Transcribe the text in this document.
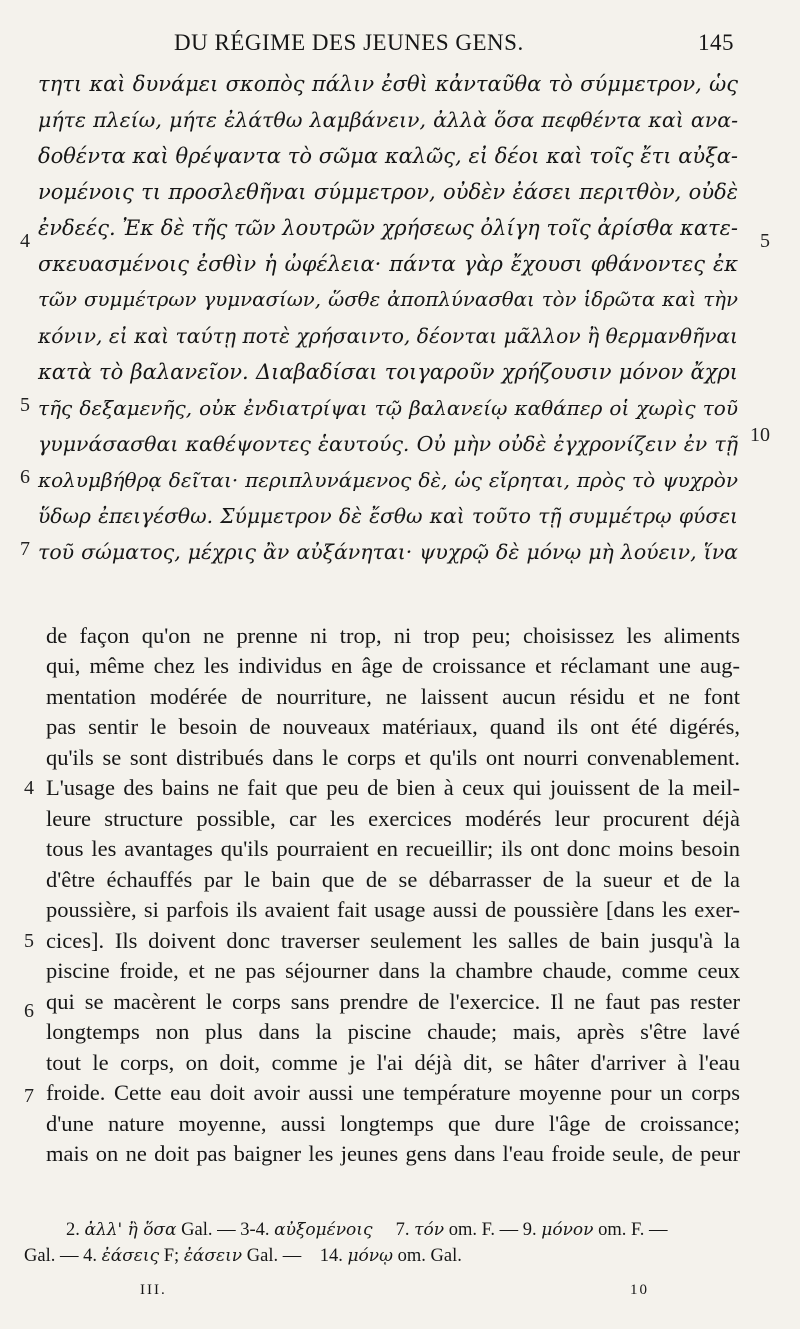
DU RÉGIME DES JEUNES GENS.	145
τητι καὶ δυνάμει σκοπὸς πάλιν ἐσθὶ κἀνταῦθα τὸ σύμμετρον, ὡς
μήτε πλείω, μήτε ἐλάτθω λαμβάνειν, ἀλλὰ ὅσα πεφθέντα καὶ ανα-
δοθέντα καὶ θρέψαντα τὸ σῶμα καλῶς, εἰ δέοι καὶ τοῖς ἔτι αὐξα-
νομένοις τι προσλεθῆναι σύμμετρον, οὐδὲν ἐάσει περιτθὸν, οὐδὲ
ἐνδεές. Ἐκ δὲ τῆς τῶν λουτρῶν χρήσεως ὀλίγη τοῖς ἀρίσθα κατε-
σκευασμένοις ἐσθὶν ἡ ὠφέλεια· πάντα γὰρ ἔχουσι φθάνοντες ἐκ
τῶν συμμέτρων γυμνασίων, ὥσθε ἀποπλύνασθαι τὸν ἱδρῶτα καὶ τὴν
κόνιν, εἰ καὶ ταύτῃ ποτὲ χρήσαιντο, δέονται μᾶλλον ἢ θερμανθῆναι
κατὰ τὸ βαλανεῖον. Διαβαδίσαι τοιγαροῦν χρήζουσιν μόνον ἄχρι
τῆς δεξαμενῆς, οὐκ ἐνδιατρίψαι τῷ βαλανείῳ καθάπερ οἱ χωρὶς τοῦ
γυμνάσασθαι καθέψοντες ἑαυτούς. Οὐ μὴν οὐδὲ ἐγχρονίζειν ἐν τῇ
κολυμβήθρᾳ δεῖται· περιπλυνάμενος δὲ, ὡς εἴρηται, πρὸς τὸ ψυχρὸν
ὕδωρ ἐπειγέσθω. Σύμμετρον δὲ ἔσθω καὶ τοῦτο τῇ συμμέτρῳ φύσει
τοῦ σώματος, μέχρις ἂν αὐξάνηται· ψυχρῷ δὲ μόνῳ μὴ λούειν, ἵνα
4
5
6
7
5
10
de façon qu'on ne prenne ni trop, ni trop peu; choisissez les aliments
qui, même chez les individus en âge de croissance et réclamant une aug-
mentation modérée de nourriture, ne laissent aucun résidu et ne font
pas sentir le besoin de nouveaux matériaux, quand ils ont été digérés,
qu'ils se sont distribués dans le corps et qu'ils ont nourri convenablement.
L'usage des bains ne fait que peu de bien à ceux qui jouissent de la meil-
leure structure possible, car les exercices modérés leur procurent déjà
tous les avantages qu'ils pourraient en recueillir; ils ont donc moins besoin
d'être échauffés par le bain que de se débarrasser de la sueur et de la
poussière, si parfois ils avaient fait usage aussi de poussière [dans les exer-
cices]. Ils doivent donc traverser seulement les salles de bain jusqu'à la
piscine froide, et ne pas séjourner dans la chambre chaude, comme ceux
qui se macèrent le corps sans prendre de l'exercice. Il ne faut pas rester
longtemps non plus dans la piscine chaude; mais, après s'être lavé
tout le corps, on doit, comme je l'ai déjà dit, se hâter d'arriver à l'eau
froide. Cette eau doit avoir aussi une température moyenne pour un corps
d'une nature moyenne, aussi longtemps que dure l'âge de croissance;
mais on ne doit pas baigner les jeunes gens dans l'eau froide seule, de peur
4
5
6
7
2. ἀλλ' ἢ ὅσα Gal. — 3-4. αὐξομένοις     7. τόν om. F. — 9. μόνον om. F. —
Gal. — 4. ἐάσεις F; ἐάσειν Gal. —    14. μόνῳ om. Gal.
III.	10
